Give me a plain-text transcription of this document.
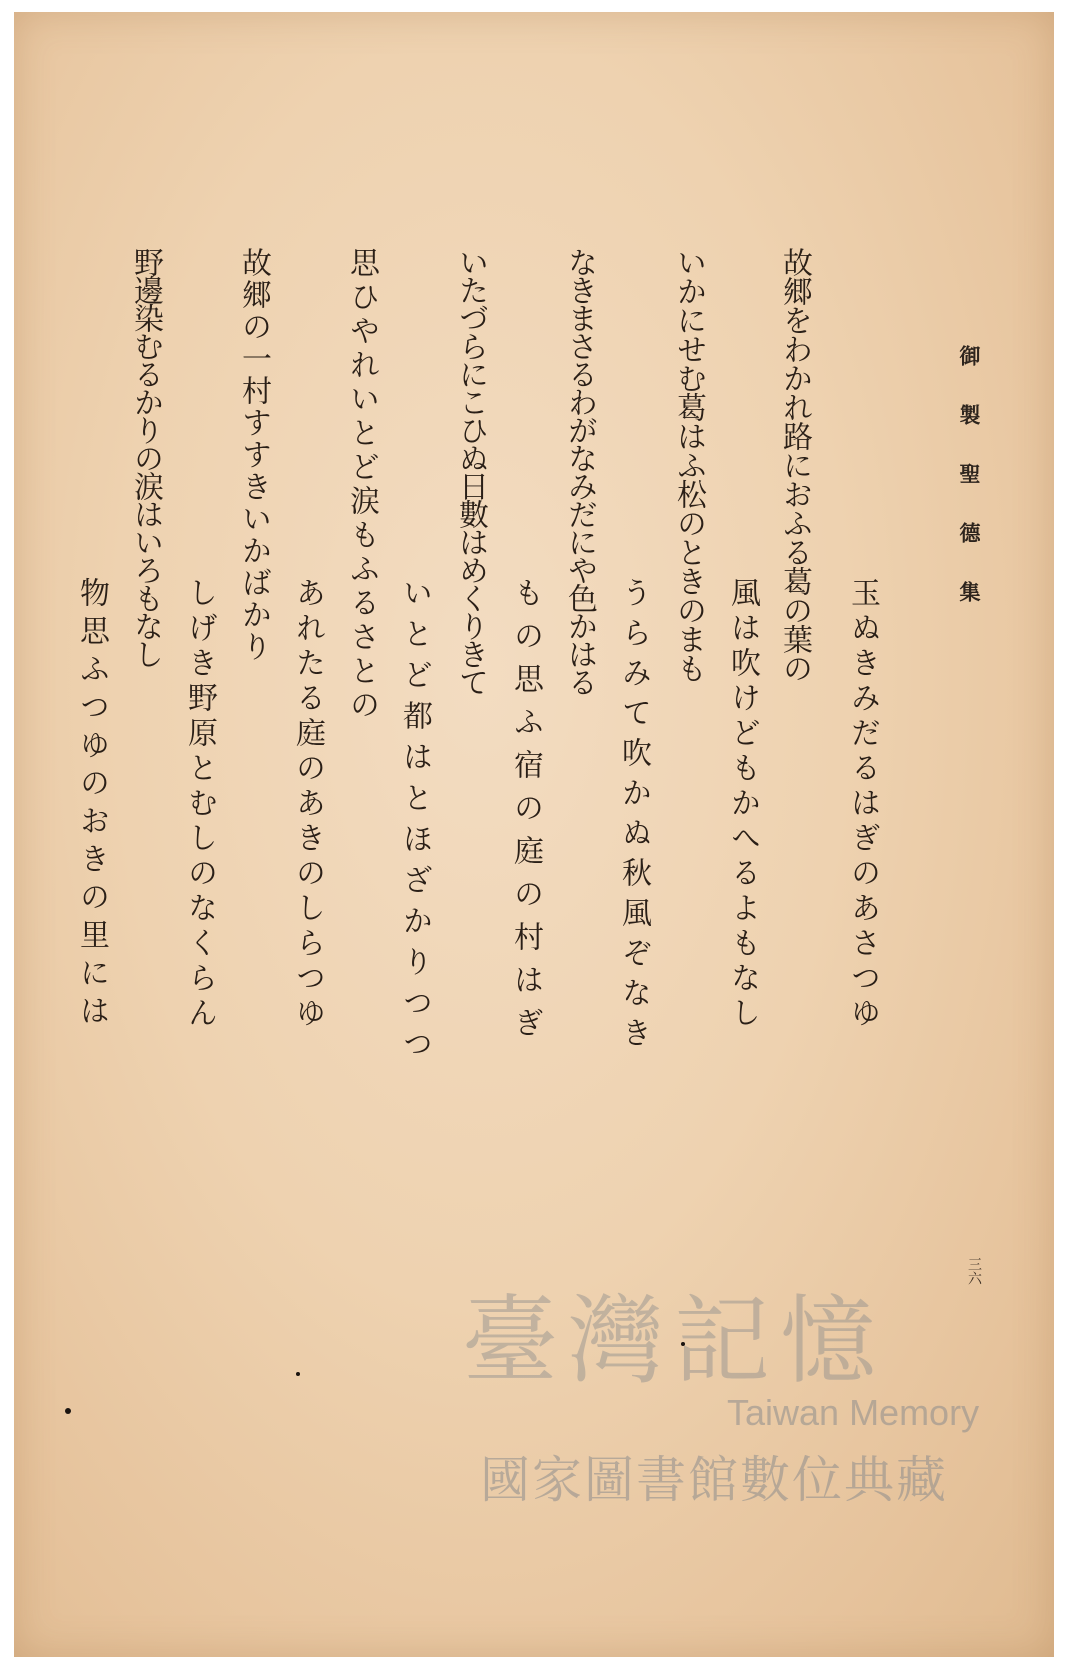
御製聖德集
玉ぬきみだるはぎのあさつゆ
故郷をわかれ路におふる葛の葉の
風は吹けどもかへるよもなし
いかにせむ葛はふ松のときのまも
うらみて吹かぬ秋風ぞなき
なきまさるわがなみだにや色かはる
もの思ふ宿の庭の村はぎ
いたづらにこひぬ日數はめくりきて
いとど都はとほざかりつつ
思ひやれいとど涙もふるさとの
あれたる庭のあきのしらつゆ
故郷の一村すすきいかばかり
しげき野原とむしのなくらん
野邊染むるかりの涙はいろもなし
物思ふつゆのおきの里には
三六
臺灣記憶
Taiwan Memory
國家圖書館數位典藏
